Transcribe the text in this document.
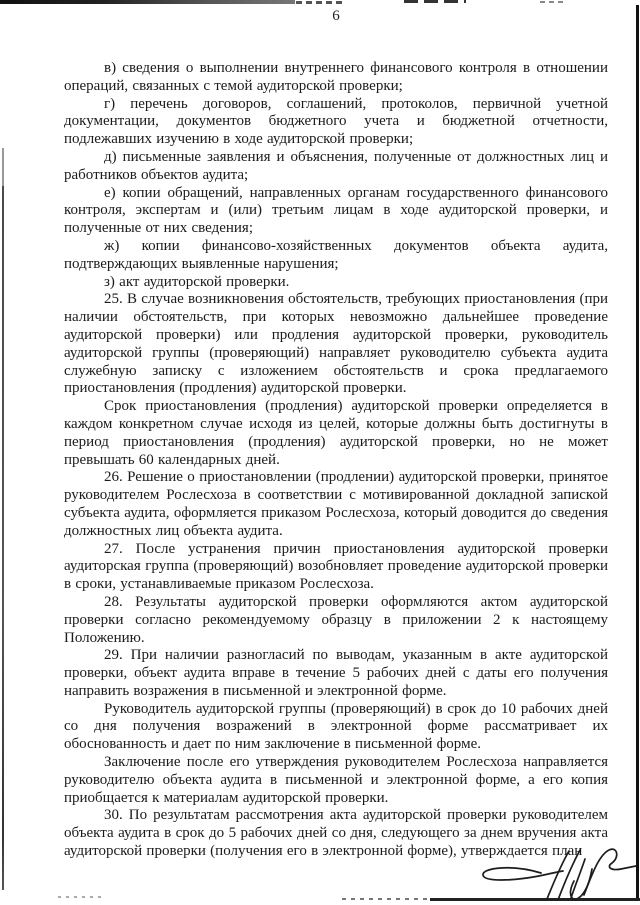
6

в) сведения о выполнении внутреннего финансового контроля в отношении операций, связанных с темой аудиторской проверки;

г) перечень договоров, соглашений, протоколов, первичной учетной документации, документов бюджетного учета и бюджетной отчетности, подлежавших изучению в ходе аудиторской проверки;

д) письменные заявления и объяснения, полученные от должностных лиц и работников объектов аудита;

е) копии обращений, направленных органам государственного финансового контроля, экспертам и (или) третьим лицам в ходе аудиторской проверки, и полученные от них сведения;

ж) копии финансово-хозяйственных документов объекта аудита, подтверждающих выявленные нарушения;

з) акт аудиторской проверки.

25. В случае возникновения обстоятельств, требующих приостановления (при наличии обстоятельств, при которых невозможно дальнейшее проведение аудиторской проверки) или продления аудиторской проверки, руководитель аудиторской группы (проверяющий) направляет руководителю субъекта аудита служебную записку с изложением обстоятельств и срока предлагаемого приостановления (продления) аудиторской проверки.

Срок приостановления (продления) аудиторской проверки определяется в каждом конкретном случае исходя из целей, которые должны быть достигнуты в период приостановления (продления) аудиторской проверки, но не может превышать 60 календарных дней.

26. Решение о приостановлении (продлении) аудиторской проверки, принятое руководителем Рослесхоза в соответствии с мотивированной докладной запиской субъекта аудита, оформляется приказом Рослесхоза, который доводится до сведения должностных лиц объекта аудита.

27. После устранения причин приостановления аудиторской проверки аудиторская группа (проверяющий) возобновляет проведение аудиторской проверки в сроки, устанавливаемые приказом Рослесхоза.

28. Результаты аудиторской проверки оформляются актом аудиторской проверки согласно рекомендуемому образцу в приложении 2 к настоящему Положению.

29. При наличии разногласий по выводам, указанным в акте аудиторской проверки, объект аудита вправе в течение 5 рабочих дней с даты его получения направить возражения в письменной и электронной форме.

Руководитель аудиторской группы (проверяющий) в срок до 10 рабочих дней со дня получения возражений в электронной форме рассматривает их обоснованность и дает по ним заключение в письменной форме.

Заключение после его утверждения руководителем Рослесхоза направляется руководителю объекта аудита в письменной и электронной форме, а его копия приобщается к материалам аудиторской проверки.

30. По результатам рассмотрения акта аудиторской проверки руководителем объекта аудита в срок до 5 рабочих дней со дня, следующего за днем вручения акта аудиторской проверки (получения его в электронной форме), утверждается план
